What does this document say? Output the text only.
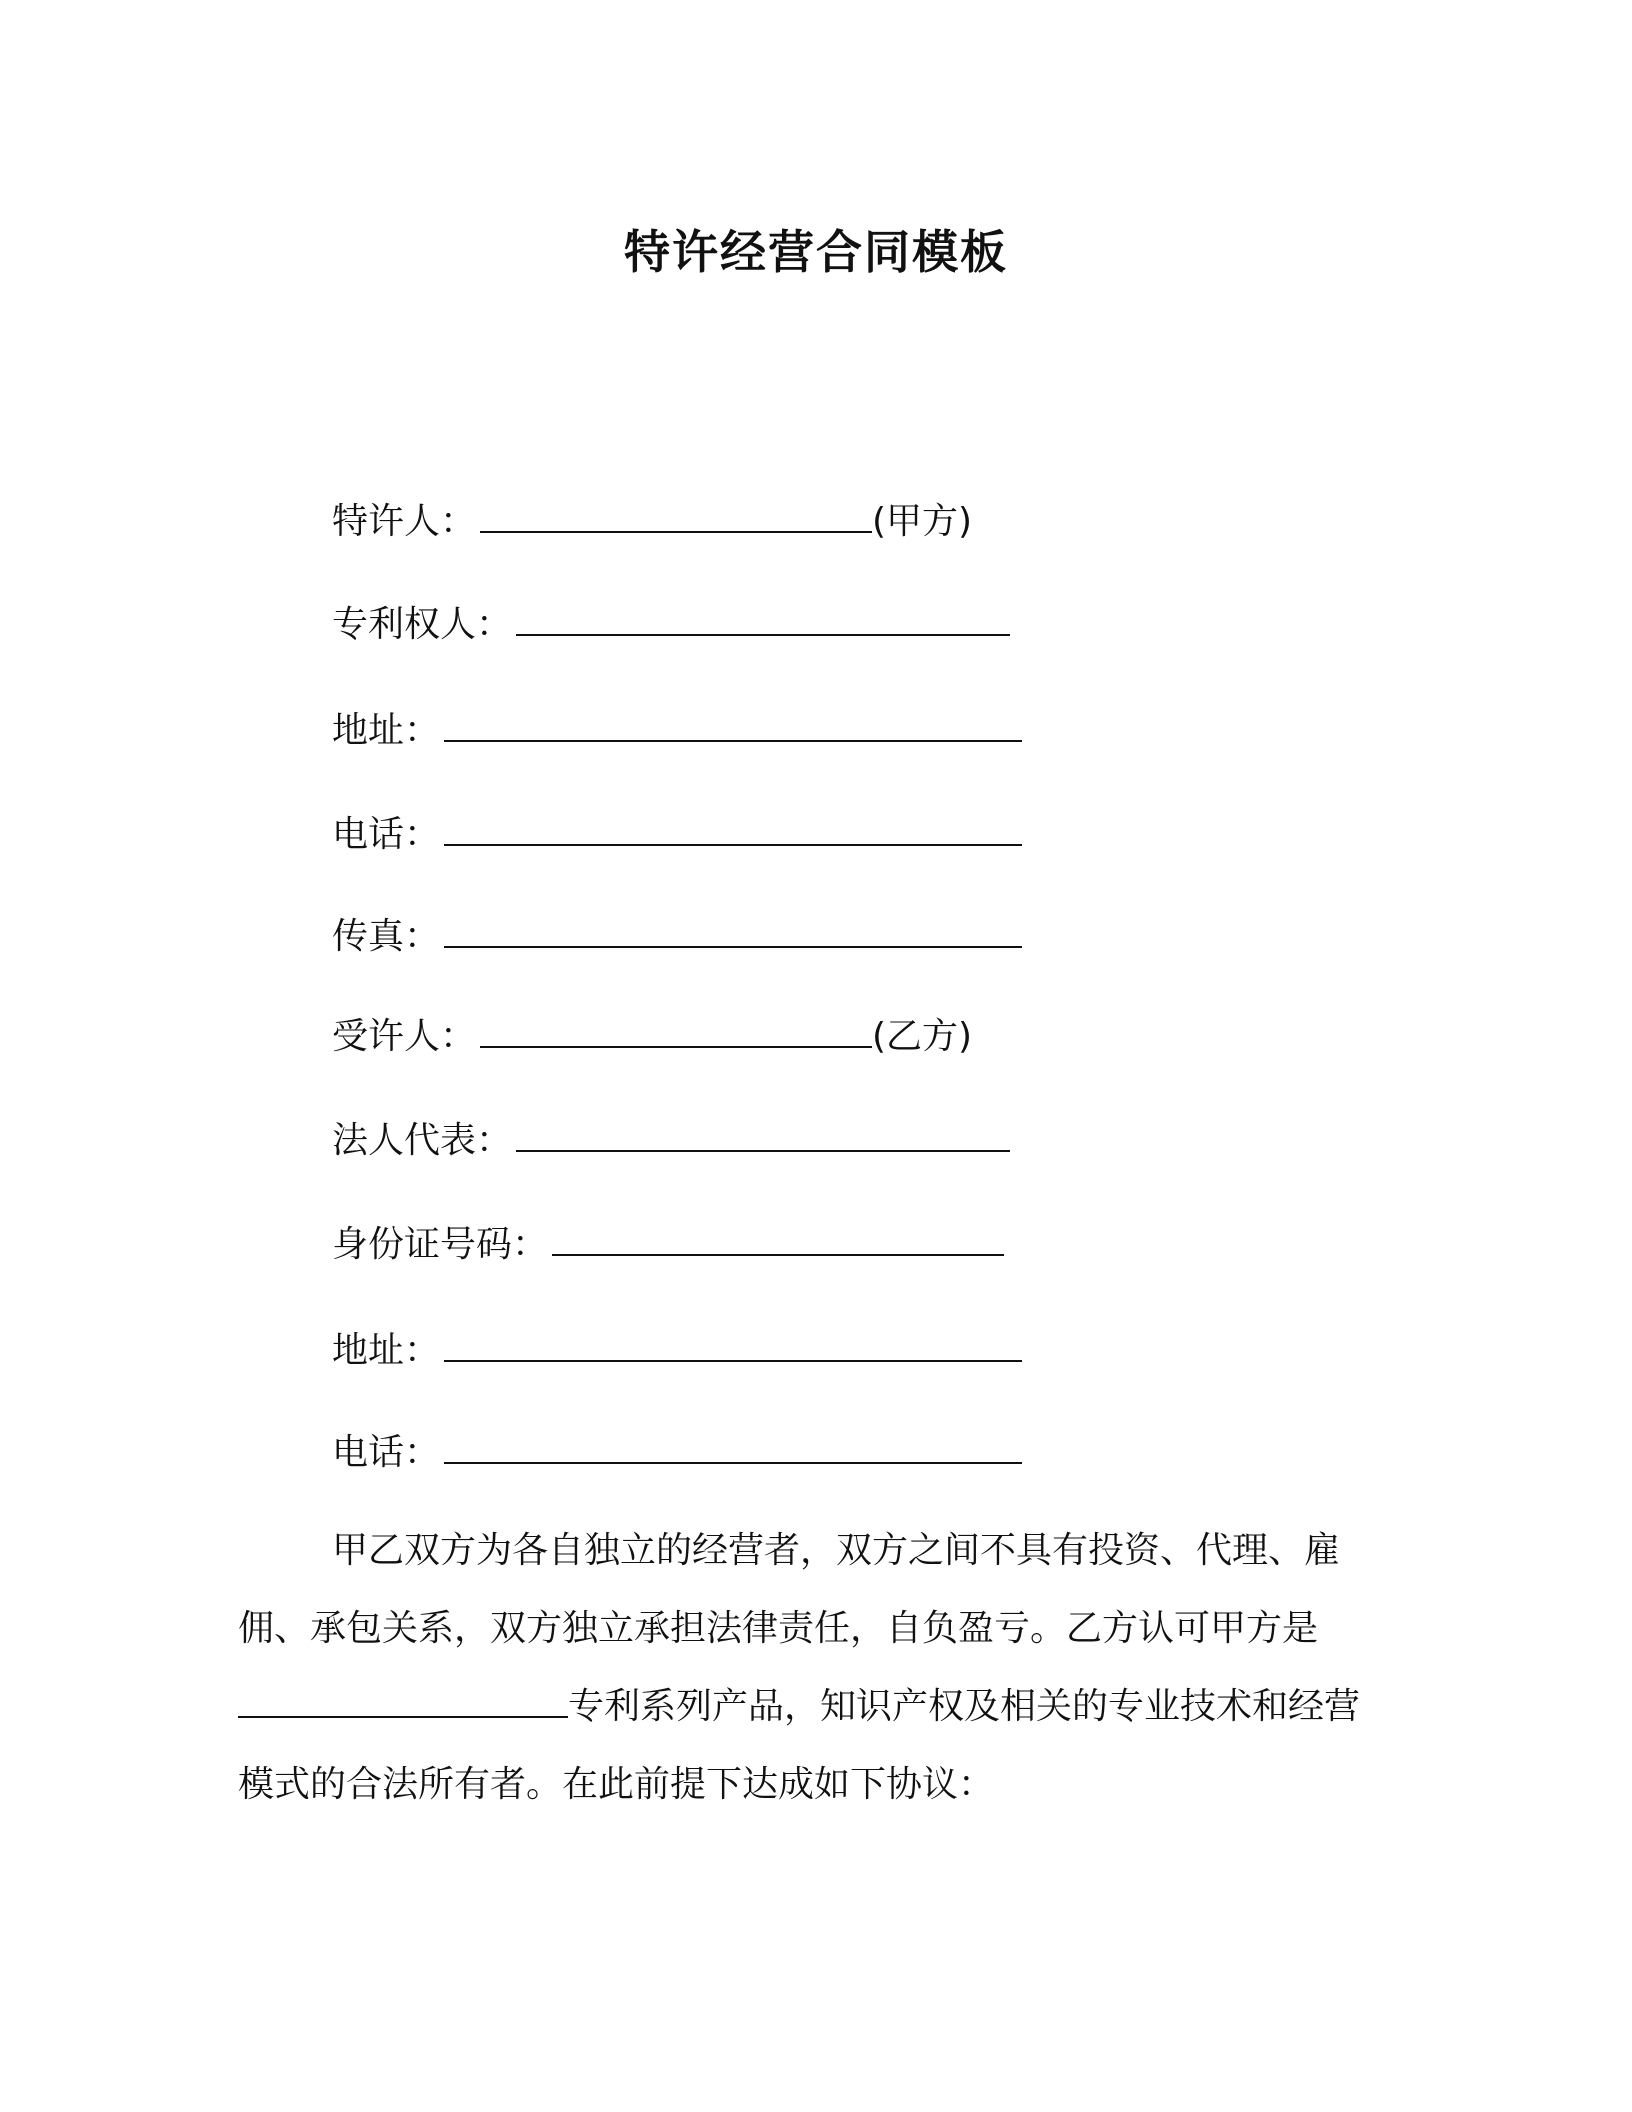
特许经营合同模板
特许人：	(甲方)
专利权人：
地址：
电话：
传真：
受许人：	(乙方)
法人代表：
身份证号码：
地址：
电话：
甲乙双方为各自独立的经营者，双方之间不具有投资、代理、雇佣、承包关系，双方独立承担法律责任，自负盈亏。乙方认可甲方是专利系列产品，知识产权及相关的专业技术和经营模式的合法所有者。在此前提下达成如下协议：
